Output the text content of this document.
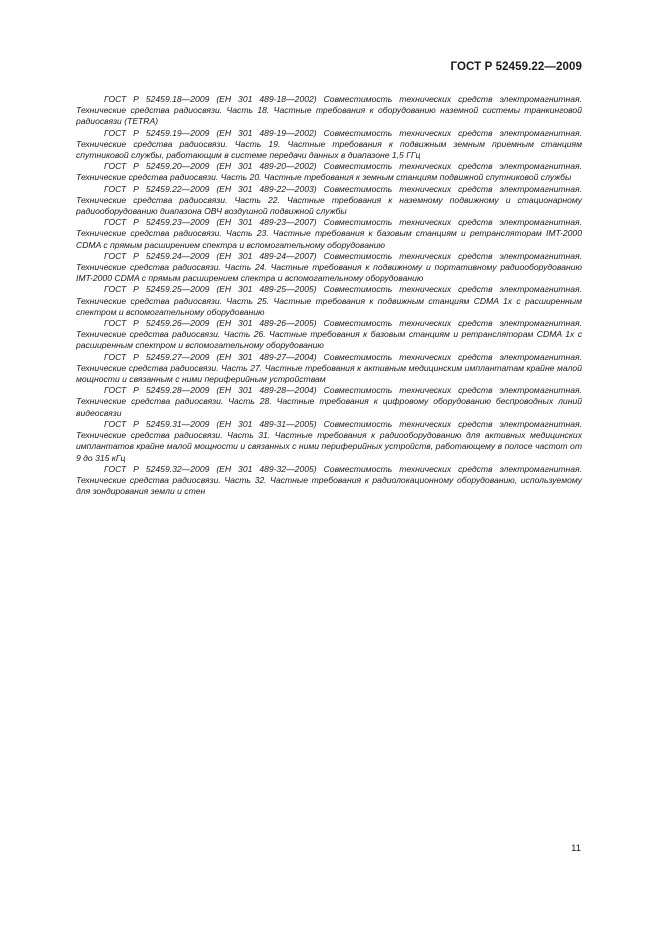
ГОСТ Р 52459.22—2009

ГОСТ Р 52459.18—2009 (ЕН 301 489-18—2002) Совместимость технических средств электромагнитная. Технические средства радиосвязи. Часть 18. Частные требования к оборудованию наземной системы транкинговой радиосвязи (TETRA)

ГОСТ Р 52459.19—2009 (ЕН 301 489-19—2002) Совместимость технических средств электромагнитная. Технические средства радиосвязи. Часть 19. Частные требования к подвижным земным приемным станциям спутниковой службы, работающим в системе передачи данных в диапазоне 1,5 ГГц

ГОСТ Р 52459.20—2009 (ЕН 301 489-20—2002) Совместимость технических средств электромагнитная. Технические средства радиосвязи. Часть 20. Частные требования к земным станциям подвижной спутниковой службы

ГОСТ Р 52459.22—2009 (ЕН 301 489-22—2003) Совместимость технических средств электромагнитная. Технические средства радиосвязи. Часть 22. Частные требования к наземному подвижному и стационарному радиооборудованию диапазона ОВЧ воздушной подвижной службы

ГОСТ Р 52459.23—2009 (ЕН 301 489-23—2007) Совместимость технических средств электромагнитная. Технические средства радиосвязи. Часть 23. Частные требования к базовым станциям и ретрансляторам IMT-2000 CDMA с прямым расширением спектра и вспомогательному оборудованию

ГОСТ Р 52459.24—2009 (ЕН 301 489-24—2007) Совместимость технических средств электромагнитная. Технические средства радиосвязи. Часть 24. Частные требования к подвижному и портативному радиооборудованию IMT-2000 CDMA с прямым расширением спектра и вспомогательному оборудованию

ГОСТ Р 52459.25—2009 (ЕН 301 489-25—2005) Совместимость технических средств электромагнитная. Технические средства радиосвязи. Часть 25. Частные требования к подвижным станциям CDMA 1x с расширенным спектром и вспомогательному оборудованию

ГОСТ Р 52459.26—2009 (ЕН 301 489-26—2005) Совместимость технических средств электромагнитная. Технические средства радиосвязи. Часть 26. Частные требования к базовым станциям и ретрансляторам CDMA 1x с расширенным спектром и вспомогательному оборудованию

ГОСТ Р 52459.27—2009 (ЕН 301 489-27—2004) Совместимость технических средств электромагнитная. Технические средства радиосвязи. Часть 27. Частные требования к активным медицинским имплантатам крайне малой мощности и связанным с ними периферийным устройствам

ГОСТ Р 52459.28—2009 (ЕН 301 489-28—2004) Совместимость технических средств электромагнитная. Технические средства радиосвязи. Часть 28. Частные требования к цифровому оборудованию беспроводных линий видеосвязи

ГОСТ Р 52459.31—2009 (ЕН 301 489-31—2005) Совместимость технических средств электромагнитная. Технические средства радиосвязи. Часть 31. Частные требования к радиооборудованию для активных медицинских имплантатов крайне малой мощности и связанных с ними периферийных устройств, работающему в полосе частот от 9 до 315 кГц

ГОСТ Р 52459.32—2009 (ЕН 301 489-32—2005) Совместимость технических средств электромагнитная. Технические средства радиосвязи. Часть 32. Частные требования к радиолокационному оборудованию, используемому для зондирования земли и стен

11
